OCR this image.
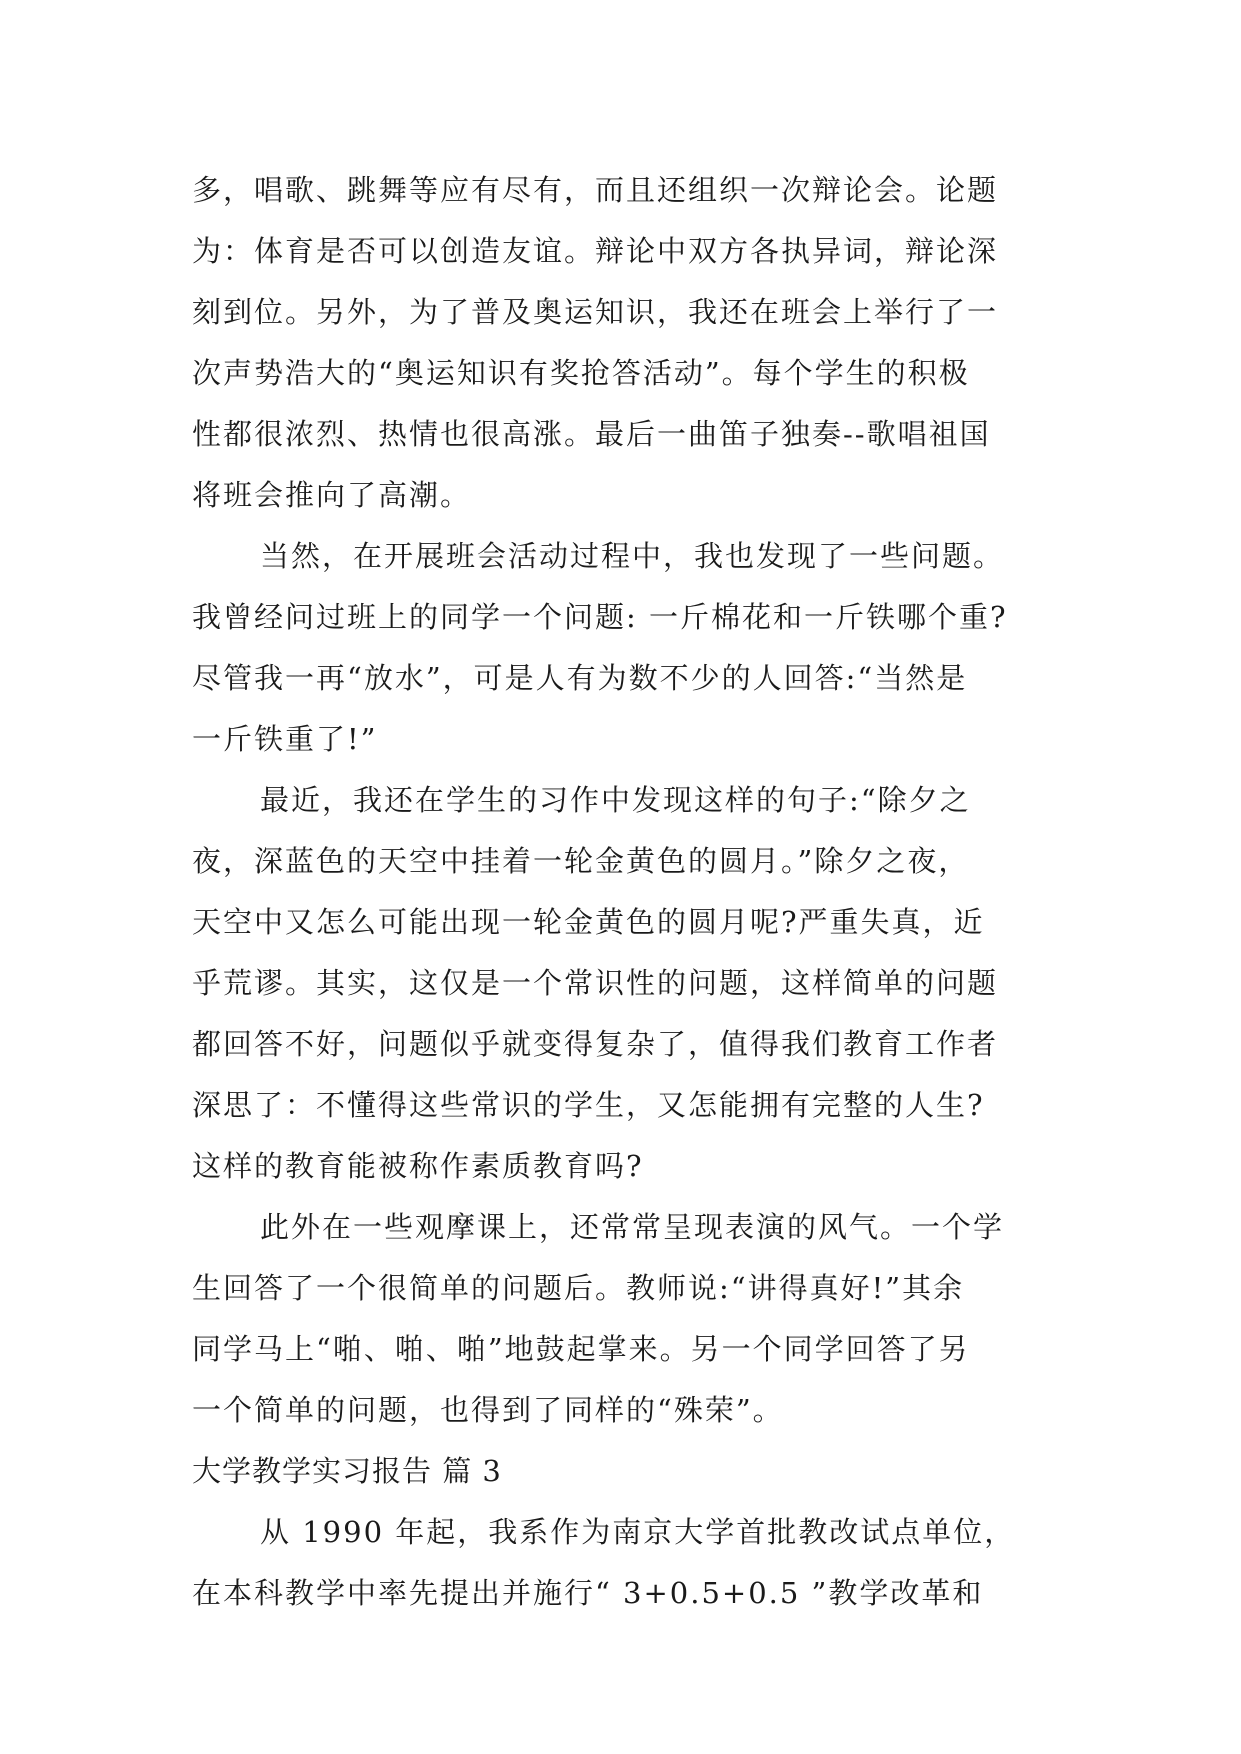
多，唱歌、跳舞等应有尽有，而且还组织一次辩论会。论题
为：体育是否可以创造友谊。辩论中双方各执异词，辩论深
刻到位。另外，为了普及奥运知识，我还在班会上举行了一
次声势浩大的“奥运知识有奖抢答活动”。每个学生的积极
性都很浓烈、热情也很高涨。最后一曲笛子独奏--歌唱祖国
将班会推向了高潮。
当然，在开展班会活动过程中，我也发现了一些问题。
我曾经问过班上的同学一个问题: 一斤棉花和一斤铁哪个重?
尽管我一再“放水”，可是人有为数不少的人回答:“当然是
一斤铁重了!”
最近，我还在学生的习作中发现这样的句子:“除夕之
夜，深蓝色的天空中挂着一轮金黄色的圆月。”除夕之夜，
天空中又怎么可能出现一轮金黄色的圆月呢?严重失真，近
乎荒谬。其实，这仅是一个常识性的问题，这样简单的问题
都回答不好，问题似乎就变得复杂了，值得我们教育工作者
深思了：不懂得这些常识的学生，又怎能拥有完整的人生?
这样的教育能被称作素质教育吗?
此外在一些观摩课上，还常常呈现表演的风气。一个学
生回答了一个很简单的问题后。教师说:“讲得真好!”其余
同学马上“啪、啪、啪”地鼓起掌来。另一个同学回答了另
一个简单的问题，也得到了同样的“殊荣”。
大学教学实习报告 篇 3
从 1990 年起，我系作为南京大学首批教改试点单位，
在本科教学中率先提出并施行“ 3+0.5+0.5 ”教学改革和
